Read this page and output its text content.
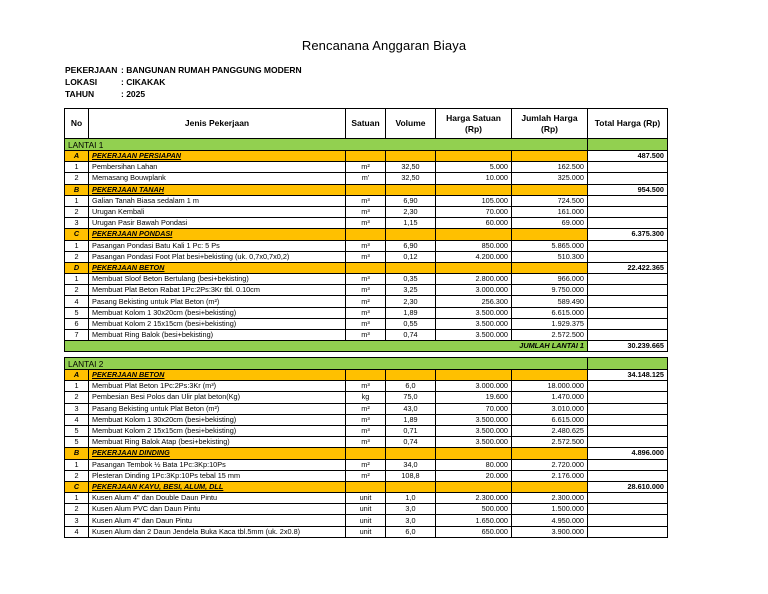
Rencanana Anggaran Biaya
PEKERJAAN : BANGUNAN RUMAH PANGGUNG MODERN
LOKASI	: CIKAKAK
TAHUN	: 2025
No	Jenis Pekerjaan	Satuan	Volume	Harga Satuan (Rp)	Jumlah Harga (Rp)	Total Harga (Rp)
LANTAI 1						
A	PEKERJAAN PERSIAPAN					487.500
1	Pembersihan Lahan	m²	32,50	5.000	162.500	
2	Memasang Bouwplank	m'	32,50	10.000	325.000	
B	PEKERJAAN TANAH					954.500
1	Galian Tanah Biasa sedalam 1 m	m³	6,90	105.000	724.500	
2	Urugan Kembali	m³	2,30	70.000	161.000	
3	Urugan Pasir Bawah Pondasi	m³	1,15	60.000	69.000	
C	PEKERJAAN PONDASI					6.375.300
1	Pasangan Pondasi Batu Kali 1 Pc: 5 Ps	m³	6,90	850.000	5.865.000	
2	Pasangan Pondasi Foot Plat besi+bekisting (uk. 0,7x0,7x0,2)	m³	0,12	4.200.000	510.300	
D	PEKERJAAN BETON					22.422.365
1	Membuat Sloof Beton Bertulang (besi+bekisting)	m³	0,35	2.800.000	966.000	
2	Membuat Plat Beton Rabat 1Pc:2Ps:3Kr tbl. 0.10cm	m³	3,25	3.000.000	9.750.000	
4	Pasang Bekisting untuk Plat Beton (m²)	m²	2,30	256.300	589.490	
5	Membuat Kolom 1 30x20cm (besi+bekisting)	m³	1,89	3.500.000	6.615.000	
6	Membuat Kolom 2 15x15cm (besi+bekisting)	m³	0,55	3.500.000	1.929.375	
7	Membuat Ring Balok (besi+bekisting)	m³	0,74	3.500.000	2.572.500	
JUMLAH LANTAI 1						30.239.665
LANTAI 2						
A	PEKERJAAN BETON					34.148.125
1	Membuat Plat Beton 1Pc:2Ps:3Kr (m³)	m³	6,0	3.000.000	18.000.000	
2	Pembesian Besi Polos dan Ulir plat beton(Kg)	kg	75,0	19.600	1.470.000	
3	Pasang Bekisting untuk Plat Beton (m²)	m²	43,0	70.000	3.010.000	
4	Membuat Kolom 1 30x20cm (besi+bekisting)	m³	1,89	3.500.000	6.615.000	
5	Membuat Kolom 2 15x15cm (besi+bekisting)	m³	0,71	3.500.000	2.480.625	
5	Membuat Ring Balok Atap (besi+bekisting)	m³	0,74	3.500.000	2.572.500	
B	PEKERJAAN DINDING					4.896.000
1	Pasangan Tembok ½ Bata 1Pc:3Kp:10Ps	m²	34,0	80.000	2.720.000	
2	Plesteran Dinding 1Pc:3Kp:10Ps tebal 15 mm	m²	108,8	20.000	2.176.000	
C	PEKERJAAN KAYU, BESI, ALUM, DLL					28.610.000
1	Kusen Alum 4" dan Double Daun Pintu	unit	1,0	2.300.000	2.300.000	
2	Kusen Alum PVC dan Daun Pintu	unit	3,0	500.000	1.500.000	
3	Kusen Alum 4" dan Daun Pintu	unit	3,0	1.650.000	4.950.000	
4	Kusen Alum dan 2 Daun Jendela Buka Kaca tbl.5mm (uk. 2x0.8)	unit	6,0	650.000	3.900.000	
